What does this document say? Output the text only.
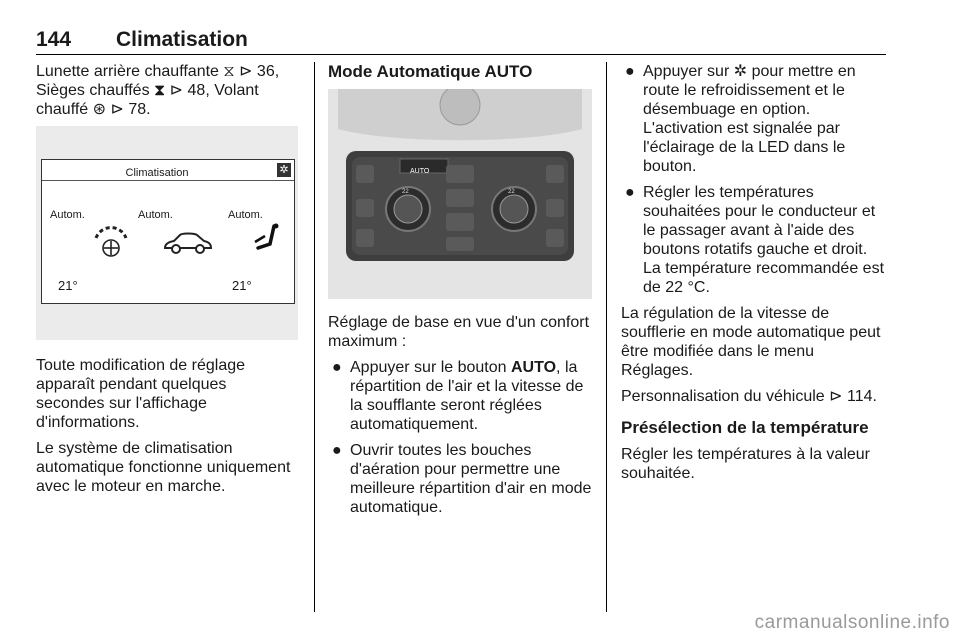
144 Climatisation

Lunette arrière chauffante ⧖ ⊳ 36, Sièges chauffés ⧗ ⊳ 48, Volant chauffé ⊛ ⊳ 78.

Climatisation	✲
Autom.	Autom.	Autom.
21°	21°

Toute modification de réglage apparaît pendant quelques secondes sur l'affichage d'informations.

Le système de climatisation automatique fonctionne uniquement avec le moteur en marche.

Mode Automatique AUTO
AUTO
22	22

Réglage de base en vue d'un confort maximum :

● Appuyer sur le bouton AUTO, la répartition de l'air et la vitesse de la soufflante seront réglées automatiquement.
● Ouvrir toutes les bouches d'aération pour permettre une meilleure répartition d'air en mode automatique.
● Appuyer sur ✲ pour mettre en route le refroidissement et le désembuage en option. L'activation est signalée par l'éclairage de la LED dans le bouton.
● Régler les températures souhaitées pour le conducteur et le passager avant à l'aide des boutons rotatifs gauche et droit. La température recommandée est de 22 °C.

La régulation de la vitesse de soufflerie en mode automatique peut être modifiée dans le menu Réglages.

Personnalisation du véhicule ⊳ 114.

Présélection de la température

Régler les températures à la valeur souhaitée.

carmanualsonline.info
